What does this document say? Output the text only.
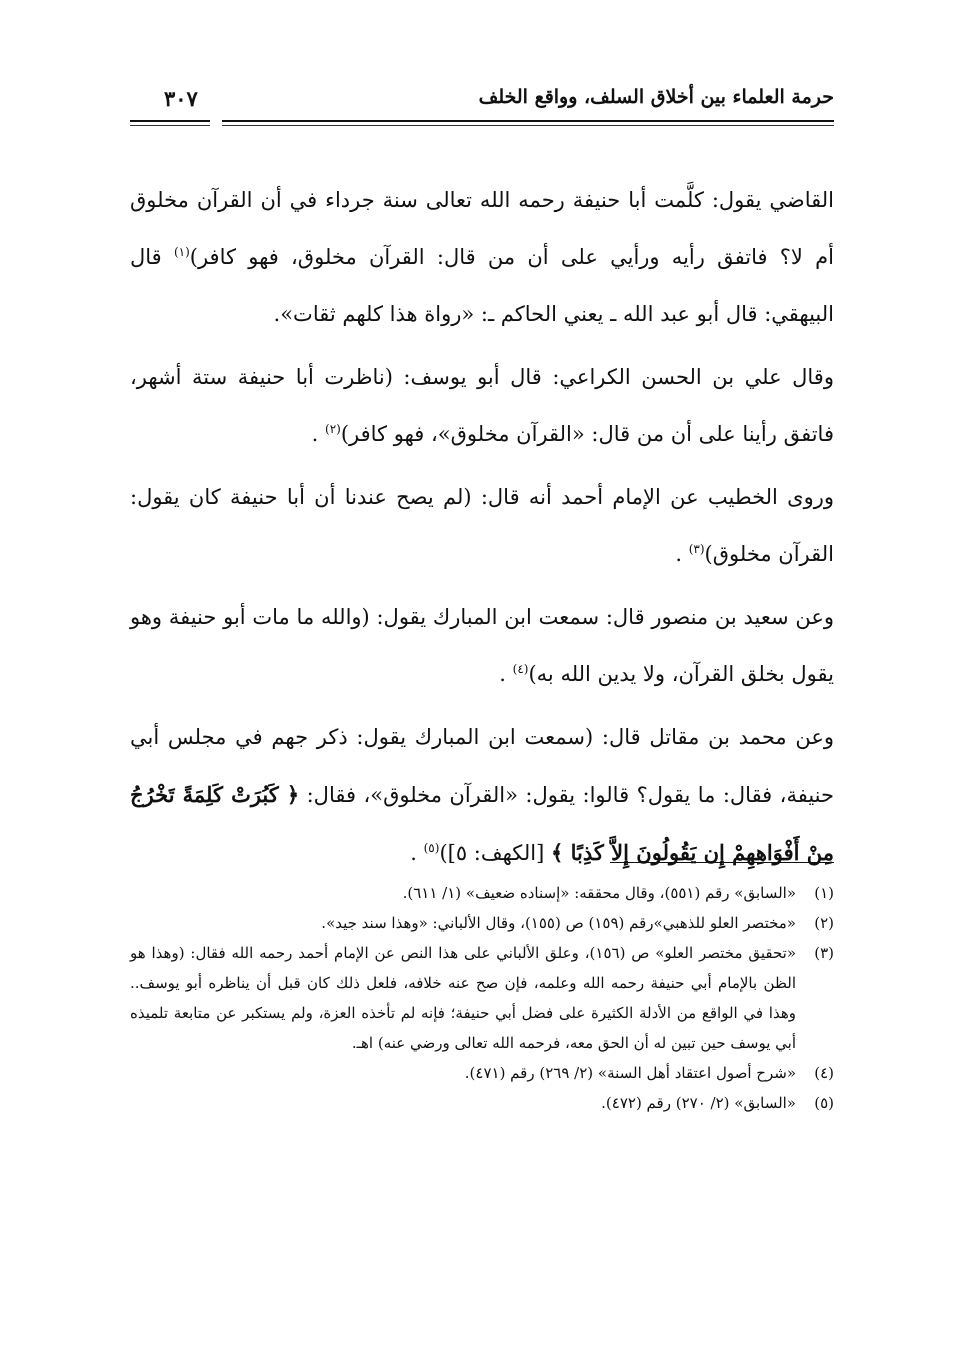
حرمة العلماء بين أخلاق السلف، وواقع الخلف
٣٠٧

القاضي يقول: كلَّمت أبا حنيفة رحمه الله تعالى سنة جرداء في أن القرآن مخلوق أم لا؟ فاتفق رأيه ورأيي على أن من قال: القرآن مخلوق، فهو كافر)$^{(١)}$ قال البيهقي: قال أبو عبد الله ـ يعني الحاكم ـ: «رواة هذا كلهم ثقات».

وقال علي بن الحسن الكراعي: قال أبو يوسف: (ناظرت أبا حنيفة ستة أشهر، فاتفق رأينا على أن من قال: «القرآن مخلوق»، فهو كافر)$^{(٢)}$ .

وروى الخطيب عن الإمام أحمد أنه قال: (لم يصح عندنا أن أبا حنيفة كان يقول: القرآن مخلوق)$^{(٣)}$ .

وعن سعيد بن منصور قال: سمعت ابن المبارك يقول: (والله ما مات أبو حنيفة وهو يقول بخلق القرآن، ولا يدين الله به)$^{(٤)}$ .

وعن محمد بن مقاتل قال: (سمعت ابن المبارك يقول: ذكر جهم في مجلس أبي حنيفة، فقال: ما يقول؟ قالوا: يقول: «القرآن مخلوق»، فقال: ﴿ كَبُرَتْ كَلِمَةً تَخْرُجُ مِنْ أَفْوَاهِهِمْ إِن يَقُولُونَ إِلاَّ كَذِبًا ﴾ [الكهف: ٥])$^{(٥)}$ .

(١)
«السابق» رقم (٥٥١)، وقال محققه: «إسناده ضعيف» (١/ ٦١١).
(٢)
«مختصر العلو للذهبي»رقم (١٥٩) ص (١٥٥)، وقال الألباني: «وهذا سند جيد».
(٣)
«تحقيق مختصر العلو» ص (١٥٦)، وعلق الألباني على هذا النص عن الإمام أحمد رحمه الله فقال: (وهذا هو الظن بالإمام أبي حنيفة رحمه الله وعلمه، فإن صح عنه خلافه، فلعل ذلك كان قبل أن يناظره أبو يوسف.. وهذا في الواقع من الأدلة الكثيرة على فضل أبي حنيفة؛ فإنه لم تأخذه العزة، ولم يستكبر عن متابعة تلميذه أبي يوسف حين تبين له أن الحق معه، فرحمه الله تعالى ورضي عنه) اهـ.
(٤)
«شرح أصول اعتقاد أهل السنة» (٢/ ٢٦٩) رقم (٤٧١).
(٥)
«السابق» (٢/ ٢٧٠) رقم (٤٧٢).
